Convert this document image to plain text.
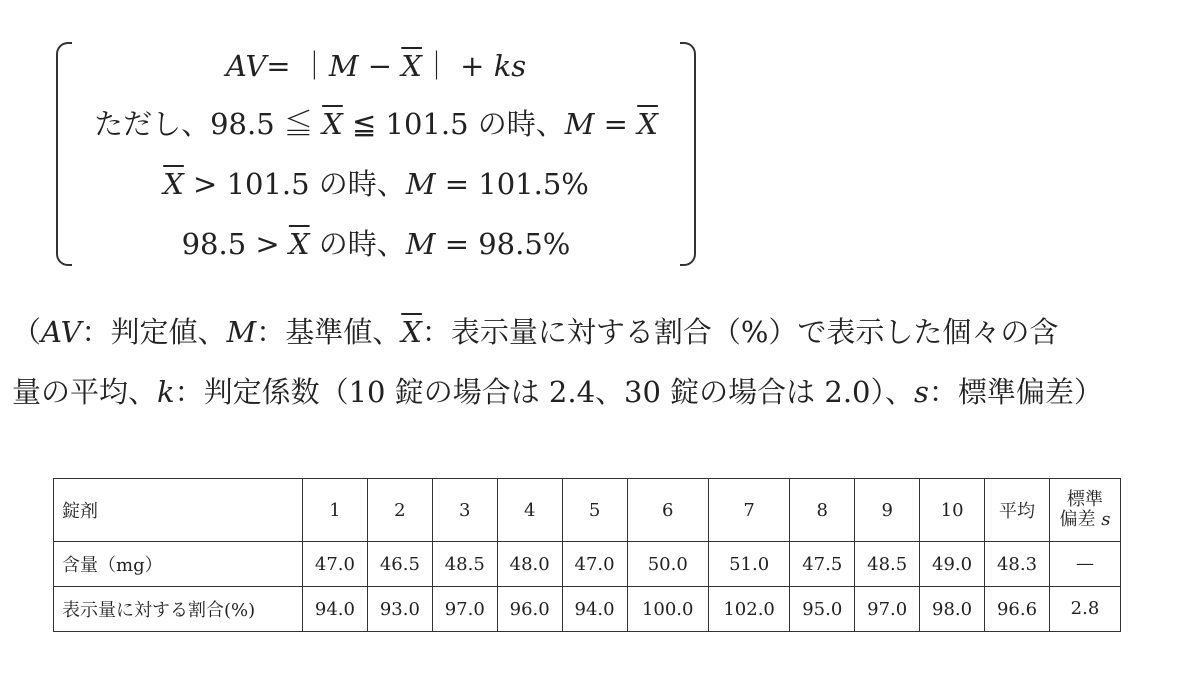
AV= ｜M − $\overline{X}|$ + ks
ただし、98.5 ≦ $\overline{X}$ ≦ 101.5 の時、$M = \overline{X}$
$\overline{X} > 101.5$ の時、M = 101.5%
$98.5 > \overline{X}$ の時、M = 98.5%
（AV：判定値、M：基準値、$\overline{X}$：表示量に対する割合（%）で表示した個々の含
量の平均、k：判定係数（10 錠の場合は 2.4、30 錠の場合は 2.0）、s：標準偏差）
錠剤	1	2	3	4	5	6	7	8	9	10	平均	標準
偏差 s
含量（mg）	47.0	46.5	48.5	48.0	47.0	50.0	51.0	47.5	48.5	49.0	48.3	—
表示量に対する割合(%)	94.0	93.0	97.0	96.0	94.0	100.0	102.0	95.0	97.0	98.0	96.6	2.8
